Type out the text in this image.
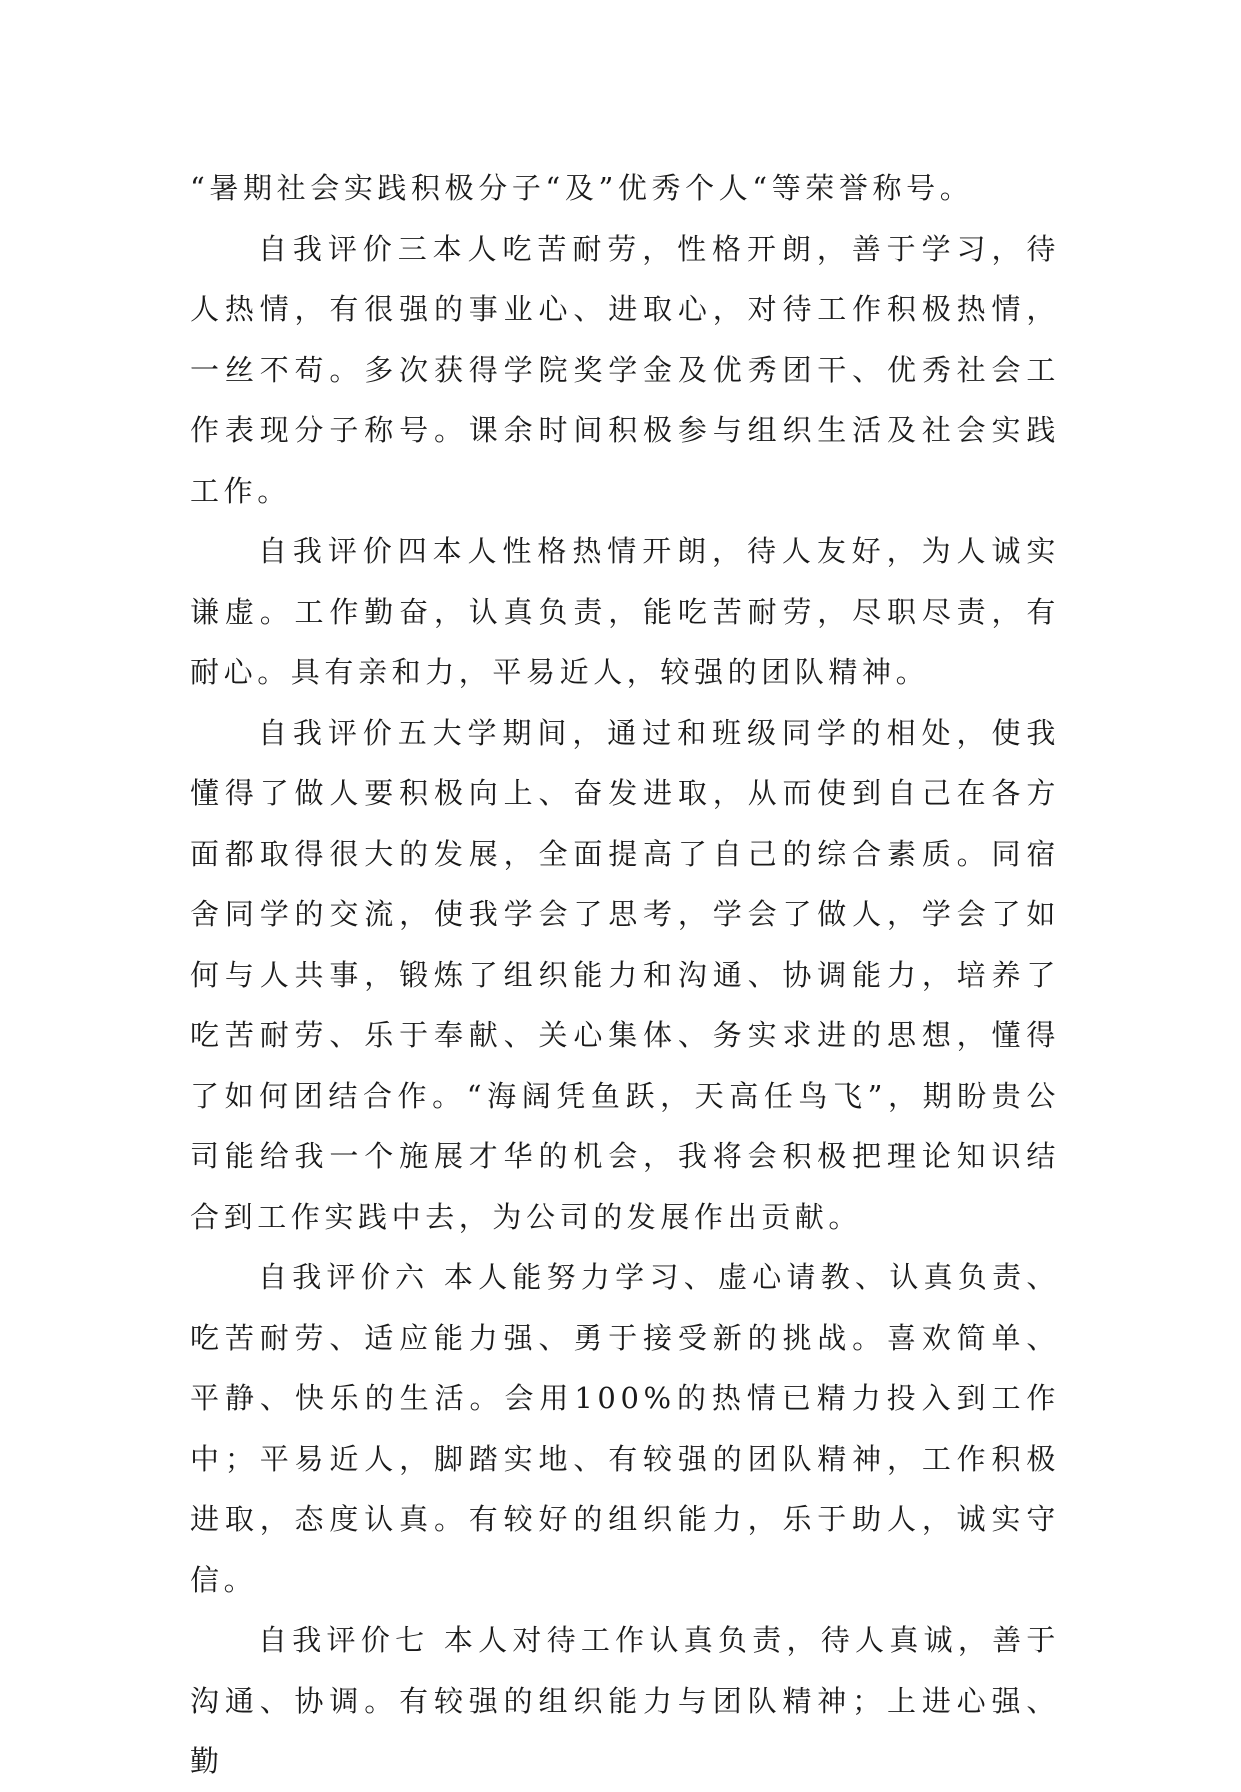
“暑期社会实践积极分子“及”优秀个人“等荣誉称号。

自我评价三本人吃苦耐劳，性格开朗，善于学习，待人热情，有很强的事业心、进取心，对待工作积极热情，一丝不苟。多次获得学院奖学金及优秀团干、优秀社会工作表现分子称号。课余时间积极参与组织生活及社会实践工作。

自我评价四本人性格热情开朗，待人友好，为人诚实谦虚。工作勤奋，认真负责，能吃苦耐劳，尽职尽责，有耐心。具有亲和力，平易近人，较强的团队精神。

自我评价五大学期间，通过和班级同学的相处，使我懂得了做人要积极向上、奋发进取，从而使到自己在各方面都取得很大的发展，全面提高了自己的综合素质。同宿舍同学的交流，使我学会了思考，学会了做人，学会了如何与人共事，锻炼了组织能力和沟通、协调能力，培养了吃苦耐劳、乐于奉献、关心集体、务实求进的思想，懂得了如何团结合作。“海阔凭鱼跃，天高任鸟飞”，期盼贵公司能给我一个施展才华的机会，我将会积极把理论知识结合到工作实践中去，为公司的发展作出贡献。

自我评价六 本人能努力学习、虚心请教、认真负责、吃苦耐劳、适应能力强、勇于接受新的挑战。喜欢简单、平静、快乐的生活。会用100%的热情已精力投入到工作中；平易近人，脚踏实地、有较强的团队精神，工作积极进取，态度认真。有较好的组织能力，乐于助人，诚实守信。

自我评价七 本人对待工作认真负责，待人真诚，善于沟通、协调。有较强的组织能力与团队精神；上进心强、勤
